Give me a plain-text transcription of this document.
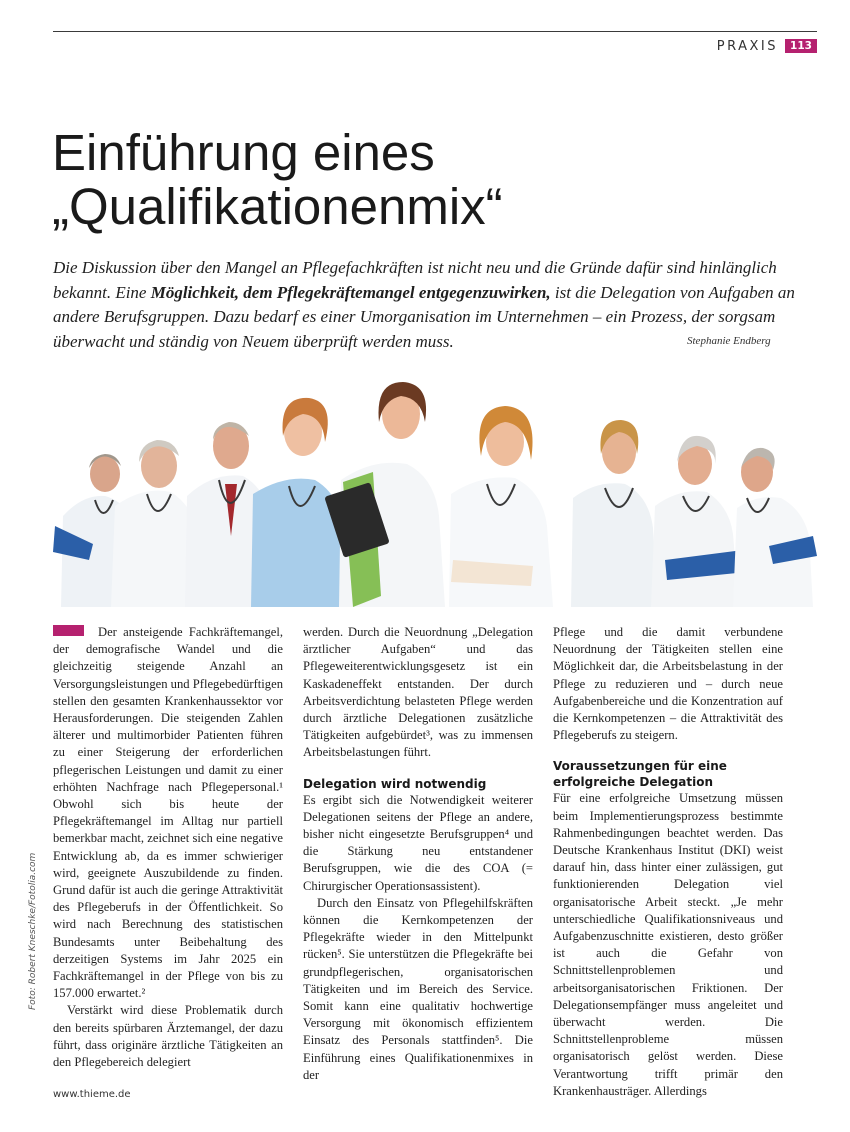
PRAXIS	113
Einführung eines
„Qualifikationenmix“
Die Diskussion über den Mangel an Pflegefachkräften ist nicht neu und die Gründe dafür sind hinlänglich bekannt. Eine Möglichkeit, dem Pflegekräftemangel entgegenzuwirken, ist die Delegation von Aufgaben an andere Berufsgruppen. Dazu bedarf es einer Umorganisation im Unternehmen – ein Prozess, der sorgsam überwacht und ständig von Neuem überprüft werden muss.	Stephanie Endberg
Foto: Robert Kneschke/Fotolia.com

Der ansteigende Fachkräftemangel, der demografische Wandel und die gleichzeitig steigende Anzahl an Versorgungsleistungen und Pflegebedürftigen stellen den gesamten Krankenhaussektor vor Herausforderungen. Die steigenden Zahlen älterer und multimorbider Patienten führen zu einer Steigerung der erforderlichen pflegerischen Leistungen und damit zu einer erhöhten Nachfrage nach Pflegepersonal.¹ Obwohl sich bis heute der Pflegekräftemangel im Alltag nur partiell bemerkbar macht, zeichnet sich eine negative Entwicklung ab, da es immer schwieriger wird, geeignete Auszubildende zu finden. Grund dafür ist auch die geringe Attraktivität des Pflegeberufs in der Öffentlichkeit. So wird nach Berechnung des statistischen Bundesamts unter Beibehaltung des derzeitigen Systems im Jahr 2025 ein Fachkräftemangel in der Pflege von bis zu 157.000 erwartet.²

Verstärkt wird diese Problematik durch den bereits spürbaren Ärztemangel, der dazu führt, dass originäre ärztliche Tätigkeiten an den Pflegebereich delegiert

werden. Durch die Neuordnung „Delegation ärztlicher Aufgaben“ und das Pflegeweiterentwicklungsgesetz ist ein Kaskadeneffekt entstanden. Der durch Arbeitsverdichtung belasteten Pflege werden durch ärztliche Delegationen zusätzliche Tätigkeiten aufgebürdet³, was zu immensen Arbeitsbelastungen führt.

Delegation wird notwendig

Es ergibt sich die Notwendigkeit weiterer Delegationen seitens der Pflege an andere, bisher nicht eingesetzte Berufsgruppen⁴ und die Stärkung neu entstandener Berufsgruppen, wie die des COA (= Chirurgischer Operationsassistent).

Durch den Einsatz von Pflegehilfskräften können die Kernkompetenzen der Pflegekräfte wieder in den Mittelpunkt rücken⁵. Sie unterstützen die Pflegekräfte bei grundpflegerischen, organisatorischen Tätigkeiten und im Bereich des Service. Somit kann eine qualitativ hochwertige Versorgung mit ökonomisch effizientem Einsatz des Personals stattfinden⁵. Die Einführung eines Qualifikationenmixes in der

Pflege und die damit verbundene Neuordnung der Tätigkeiten stellen eine Möglichkeit dar, die Arbeitsbelastung in der Pflege zu reduzieren und – durch neue Aufgabenbereiche und die Konzentration auf die Kernkompetenzen – die Attraktivität des Pflegeberufs zu steigern.

Voraussetzungen für eine erfolgreiche Delegation

Für eine erfolgreiche Umsetzung müssen beim Implementierungsprozess bestimmte Rahmenbedingungen beachtet werden. Das Deutsche Krankenhaus Institut (DKI) weist darauf hin, dass hinter einer zulässigen, gut funktionierenden Delegation viel organisatorische Arbeit steckt. „Je mehr unterschiedliche Qualifikationsniveaus und Aufgabenzuschnitte existieren, desto größer ist auch die Gefahr von Schnittstellenproblemen und arbeitsorganisatorischen Friktionen. Der Delegationsempfänger muss angeleitet und überwacht werden. Die Schnittstellenprobleme müssen organisatorisch gelöst werden. Diese Verantwortung trifft primär den Krankenhausträger. Allerdings

www.thieme.de
